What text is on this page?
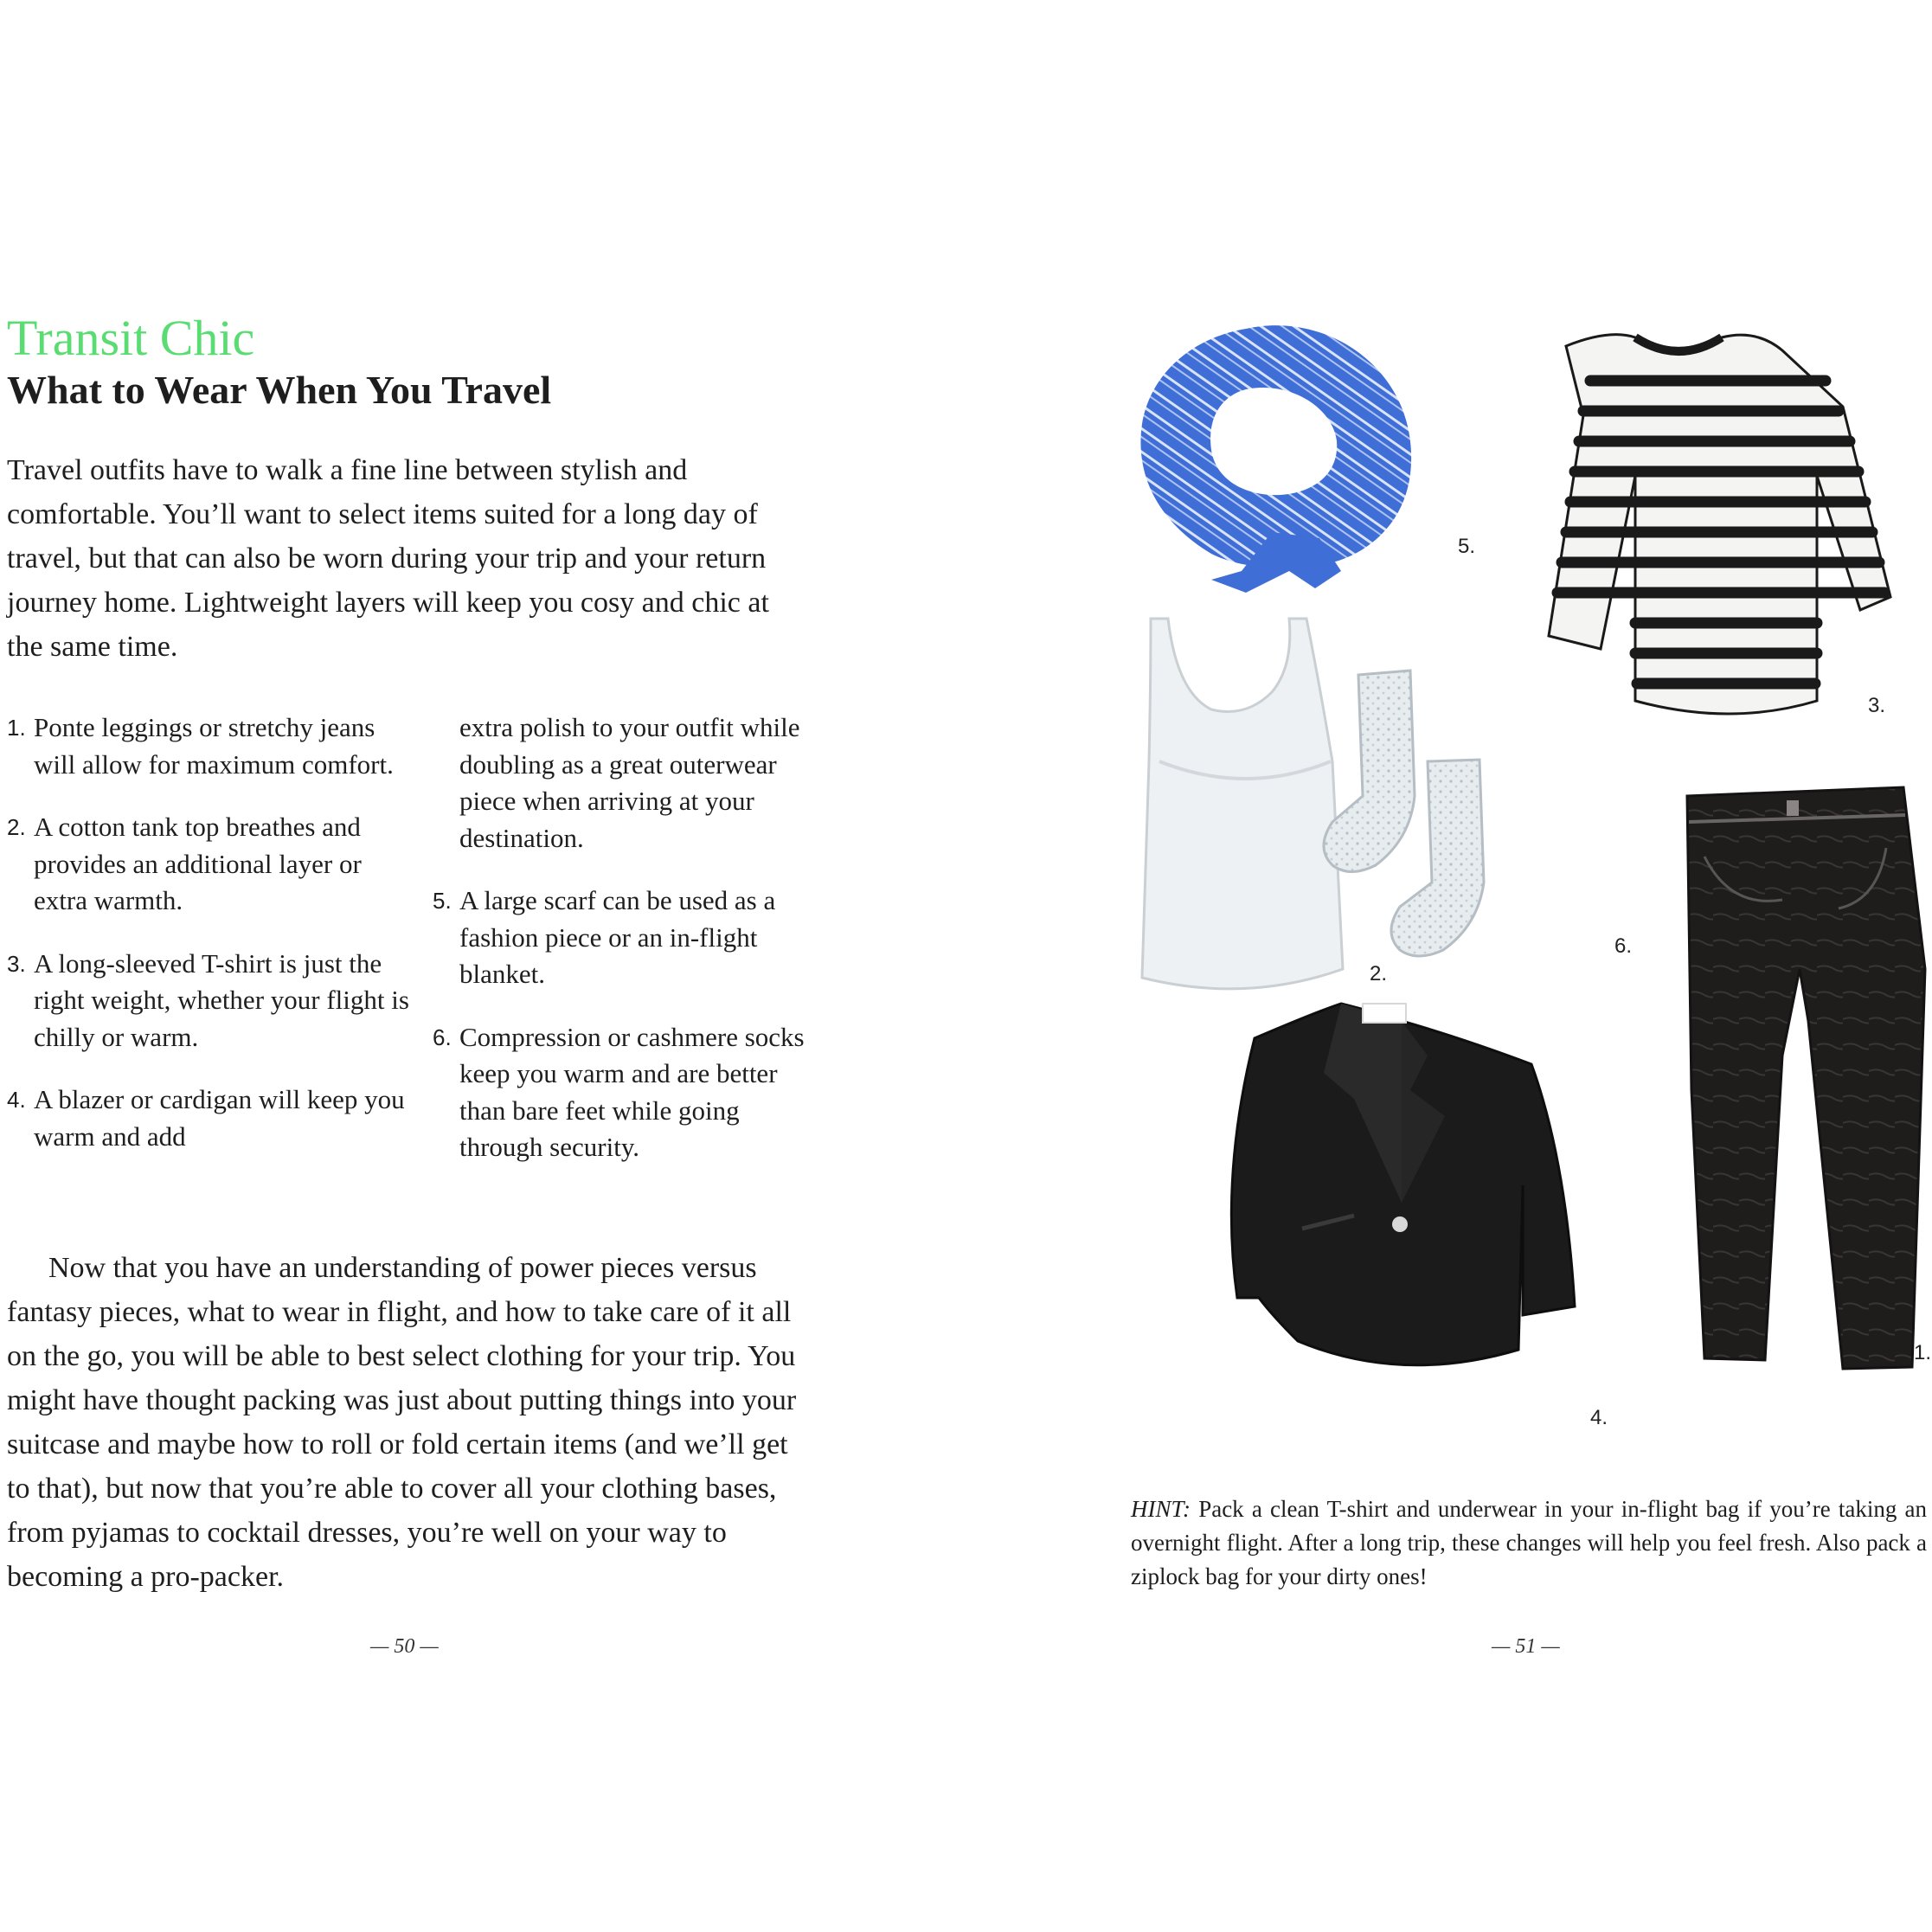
Transit Chic
What to Wear When You Travel

Travel outfits have to walk a fine line between stylish and comfortable. You’ll want to select items suited for a long day of travel, but that can also be worn during your trip and your return journey home. Lightweight layers will keep you cosy and chic at the same time.

1. Ponte leggings or stretchy jeans will allow for maximum comfort.
2. A cotton tank top breathes and provides an additional layer or extra warmth.
3. A long-sleeved T-shirt is just the right weight, whether your flight is chilly or warm.
4. A blazer or cardigan will keep you warm and add
extra polish to your outfit while doubling as a great outerwear piece when arriving at your destination.
5. A large scarf can be used as a fashion piece or an in-flight blanket.
6. Compression or cashmere socks keep you warm and are better than bare feet while going through security.

Now that you have an understanding of power pieces versus fantasy pieces, what to wear in flight, and how to take care of it all on the go, you will be able to best select clothing for your trip. You might have thought packing was just about putting things into your suitcase and maybe how to roll or fold certain items (and we’ll get to that), but now that you’re able to cover all your clothing bases, from pyjamas to cocktail dresses, you’re well on your way to becoming a pro-packer.

— 50 —
5.
3.
2.
6.
1.
4.

HINT: Pack a clean T-shirt and underwear in your in-flight bag if you’re taking an overnight flight. After a long trip, these changes will help you feel fresh. Also pack a ziplock bag for your dirty ones!

— 51 —
